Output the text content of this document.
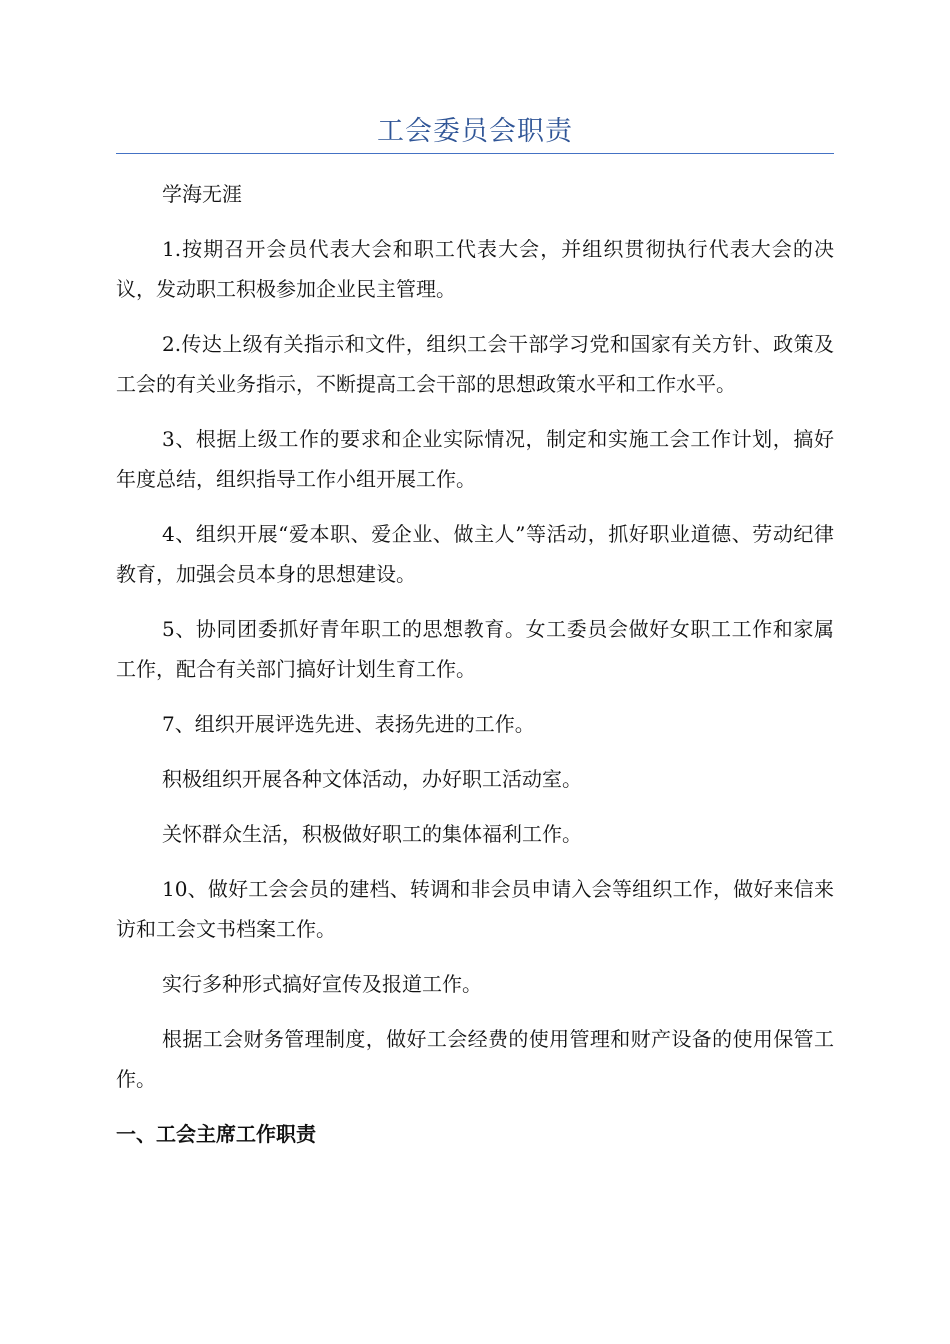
工会委员会职责

学海无涯

1.按期召开会员代表大会和职工代表大会，并组织贯彻执行代表大会的决议，发动职工积极参加企业民主管理。

2.传达上级有关指示和文件，组织工会干部学习党和国家有关方针、政策及工会的有关业务指示，不断提高工会干部的思想政策水平和工作水平。

3、根据上级工作的要求和企业实际情况，制定和实施工会工作计划，搞好年度总结，组织指导工作小组开展工作。

4、组织开展“爱本职、爱企业、做主人”等活动，抓好职业道德、劳动纪律教育，加强会员本身的思想建设。

5、协同团委抓好青年职工的思想教育。女工委员会做好女职工工作和家属工作，配合有关部门搞好计划生育工作。

7、组织开展评选先进、表扬先进的工作。

积极组织开展各种文体活动，办好职工活动室。

关怀群众生活，积极做好职工的集体福利工作。

10、做好工会会员的建档、转调和非会员申请入会等组织工作，做好来信来访和工会文书档案工作。

实行多种形式搞好宣传及报道工作。

根据工会财务管理制度，做好工会经费的使用管理和财产设备的使用保管工作。

一、工会主席工作职责
